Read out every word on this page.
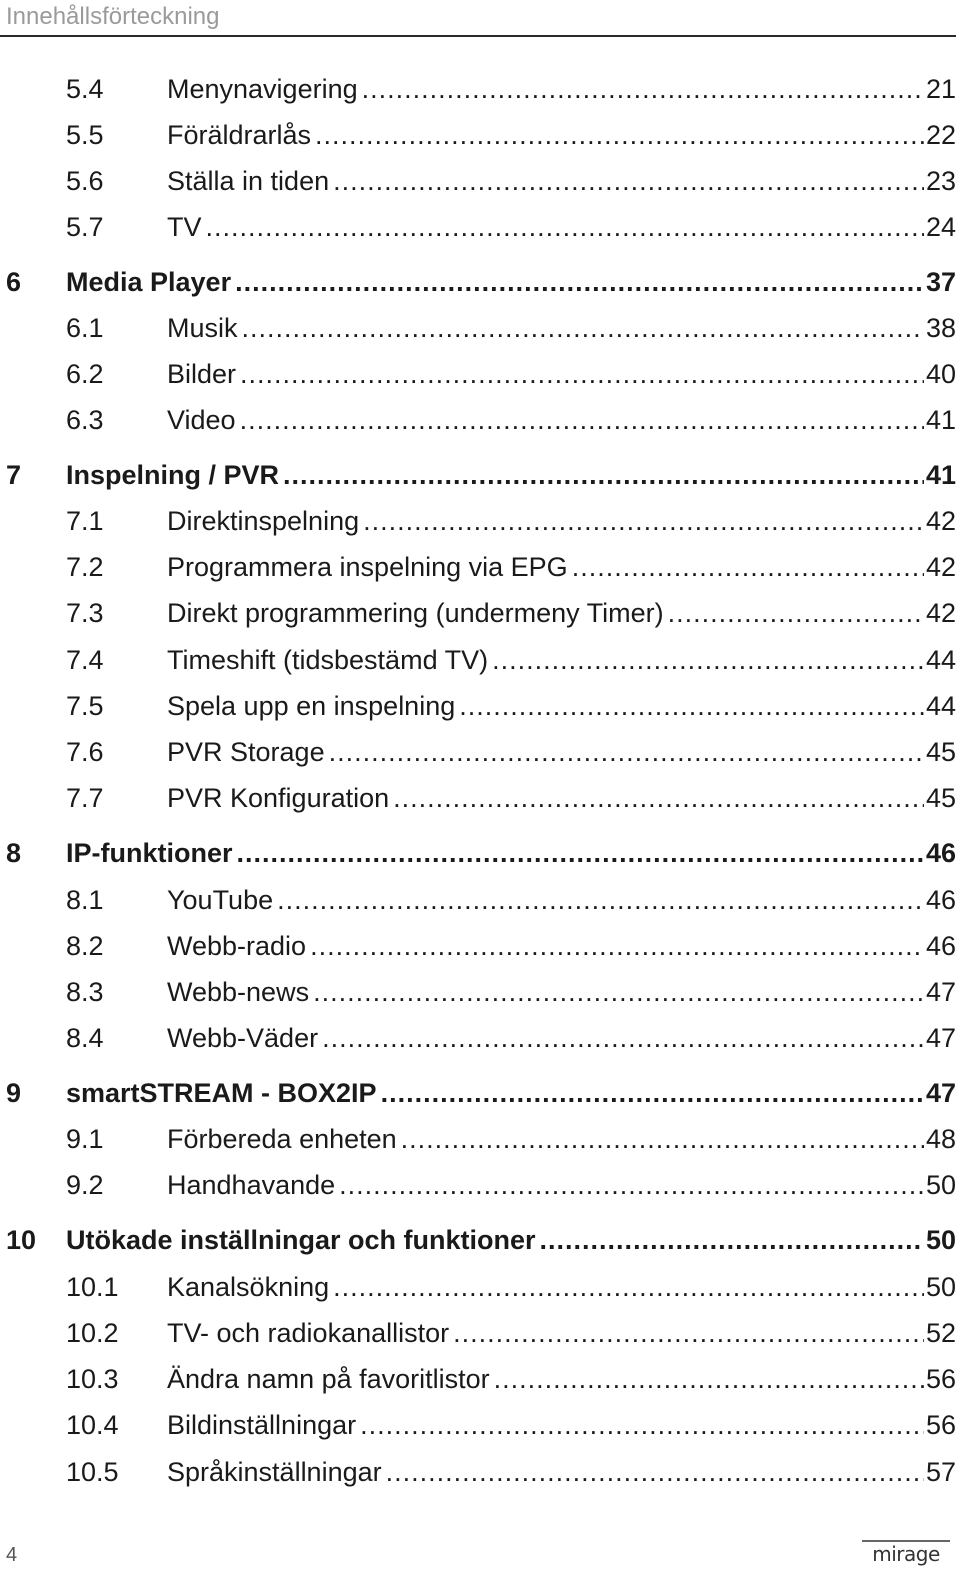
Innehållsförteckning
5.4 Menynavigering .....	21
5.5 Föräldrarlås .....	22
5.6 Ställa in tiden .....	23
5.7 TV .....	24
6 Media Player .....	37
6.1 Musik .....	38
6.2 Bilder .....	40
6.3 Video .....	41
7 Inspelning / PVR .....	41
7.1 Direktinspelning .....	42
7.2 Programmera inspelning via EPG .....	42
7.3 Direkt programmering (undermeny Timer) .....	42
7.4 Timeshift (tidsbestämd TV) .....	44
7.5 Spela upp en inspelning .....	44
7.6 PVR Storage .....	45
7.7 PVR Konfiguration .....	45
8 IP-funktioner .....	46
8.1 YouTube .....	46
8.2 Webb-radio .....	46
8.3 Webb-news .....	47
8.4 Webb-Väder .....	47
9 smartSTREAM - BOX2IP .....	47
9.1 Förbereda enheten .....	48
9.2 Handhavande .....	50
10 Utökade inställningar och funktioner .....	50
10.1 Kanalsökning .....	50
10.2 TV- och radiokanallistor .....	52
10.3 Ändra namn på favoritlistor .....	56
10.4 Bildinställningar .....	56
10.5 Språkinställningar .....	57
4	mirage
